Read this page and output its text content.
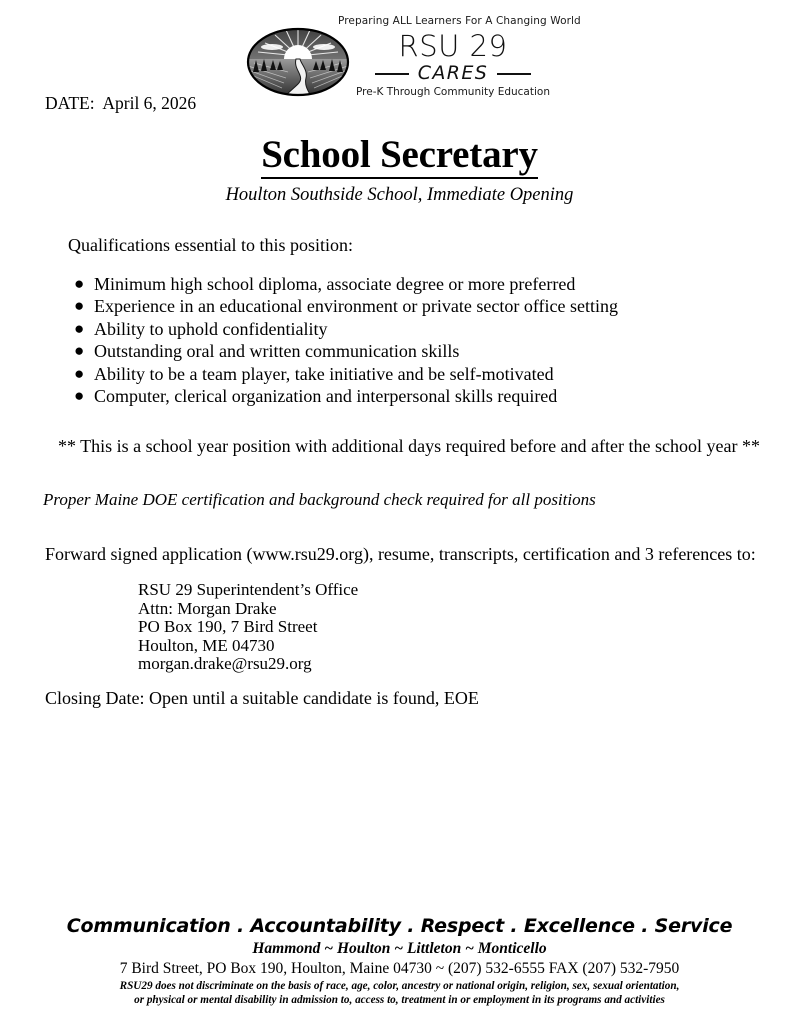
Preparing ALL Learners For A Changing World
RSU 29
CARES
Pre-K Through Community Education
DATE:  April 6, 2026
School Secretary
Houlton Southside School, Immediate Opening
Qualifications essential to this position:
● Minimum high school diploma, associate degree or more preferred
● Experience in an educational environment or private sector office setting
● Ability to uphold confidentiality
● Outstanding oral and written communication skills
● Ability to be a team player, take initiative and be self-motivated
● Computer, clerical organization and interpersonal skills required
** This is a school year position with additional days required before and after the school year **
Proper Maine DOE certification and background check required for all positions
Forward signed application (www.rsu29.org), resume, transcripts, certification and 3 references to:
RSU 29 Superintendent’s Office
Attn: Morgan Drake
PO Box 190, 7 Bird Street
Houlton, ME 04730
morgan.drake@rsu29.org
Closing Date: Open until a suitable candidate is found, EOE
Communication . Accountability . Respect . Excellence . Service
Hammond ~ Houlton ~ Littleton ~ Monticello
7 Bird Street, PO Box 190, Houlton, Maine 04730 ~ (207) 532-6555 FAX (207) 532-7950
RSU29 does not discriminate on the basis of race, age, color, ancestry or national origin, religion, sex, sexual orientation,
or physical or mental disability in admission to, access to, treatment in or employment in its programs and activities
